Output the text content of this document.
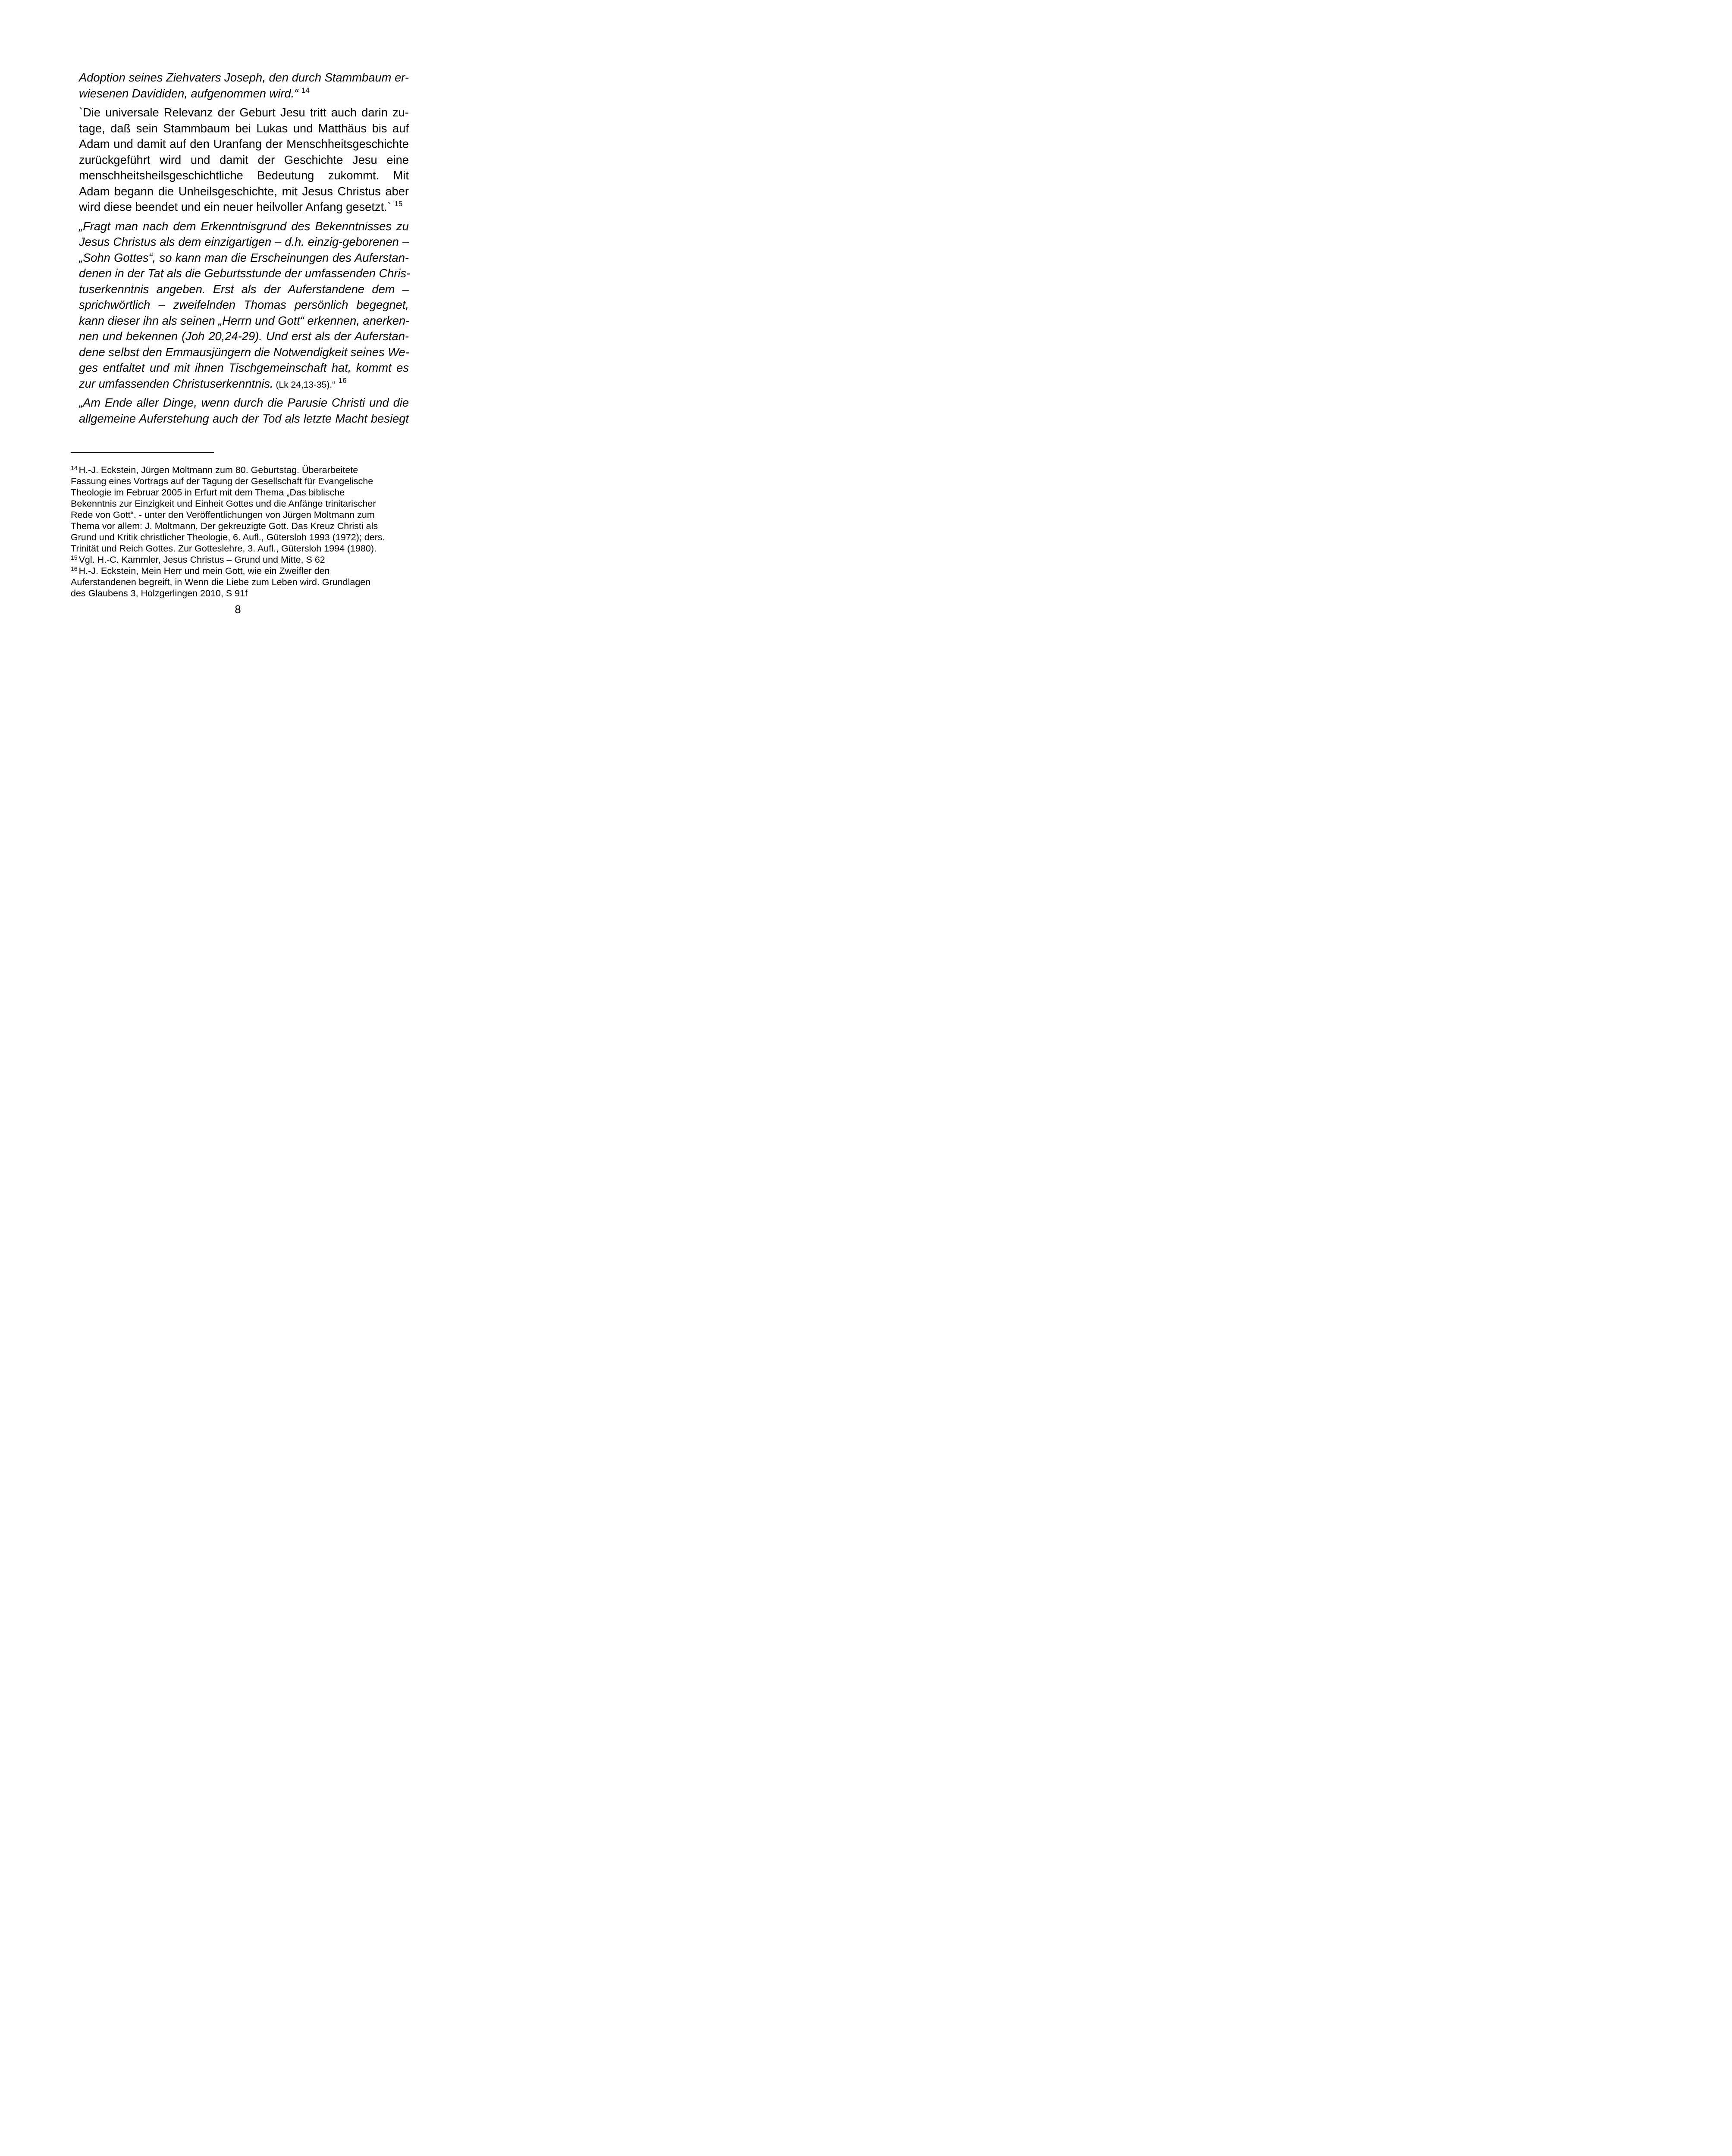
Adoption seines Ziehvaters Joseph, den durch Stammbaum er-
wiesenen Davididen, aufgenommen wird.“ $^{14}$
`Die universale Relevanz der Geburt Jesu tritt auch darin zu-
tage, daß sein Stammbaum bei Lukas und Matthäus bis auf
Adam und damit auf den Uranfang der Menschheitsgeschichte
zurückgeführt wird und damit der Geschichte Jesu eine
menschheitsheilsgeschichtliche Bedeutung zukommt. Mit
Adam begann die Unheilsgeschichte, mit Jesus Christus aber
wird diese beendet und ein neuer heilvoller Anfang gesetzt.` $^{15}$
„Fragt man nach dem Erkenntnisgrund des Bekenntnisses zu
Jesus Christus als dem einzigartigen – d.h. einzig-geborenen –
„Sohn Gottes“, so kann man die Erscheinungen des Auferstan-
denen in der Tat als die Geburtsstunde der umfassenden Chris-
tuserkenntnis angeben. Erst als der Auferstandene dem –
sprichwörtlich – zweifelnden Thomas persönlich begegnet,
kann dieser ihn als seinen „Herrn und Gott“ erkennen, anerken-
nen und bekennen (Joh 20,24-29). Und erst als der Auferstan-
dene selbst den Emmausjüngern die Notwendigkeit seines We-
ges entfaltet und mit ihnen Tischgemeinschaft hat, kommt es
zur umfassenden Christuserkenntnis. (Lk 24,13-35).“ $^{16}$
„Am Ende aller Dinge, wenn durch die Parusie Christi und die
allgemeine Auferstehung auch der Tod als letzte Macht besiegt
$^{14}$ H.-J. Eckstein, Jürgen Moltmann zum 80. Geburtstag. Überarbeitete
Fassung eines Vortrags auf der Tagung der Gesellschaft für Evangelische
Theologie im Februar 2005 in Erfurt mit dem Thema „Das biblische
Bekenntnis zur Einzigkeit und Einheit Gottes und die Anfänge trinitarischer
Rede von Gott“. - unter den Veröffentlichungen von Jürgen Moltmann zum
Thema vor allem: J. Moltmann, Der gekreuzigte Gott. Das Kreuz Christi als
Grund und Kritik christlicher Theologie, 6. Aufl., Gütersloh 1993 (1972); ders.
Trinität und Reich Gottes. Zur Gotteslehre, 3. Aufl., Gütersloh 1994 (1980).
$^{15}$ Vgl. H.-C. Kammler, Jesus Christus – Grund und Mitte, S 62
$^{16}$ H.-J. Eckstein, Mein Herr und mein Gott, wie ein Zweifler den
Auferstandenen begreift, in Wenn die Liebe zum Leben wird. Grundlagen
des Glaubens 3, Holzgerlingen 2010, S 91f
8
